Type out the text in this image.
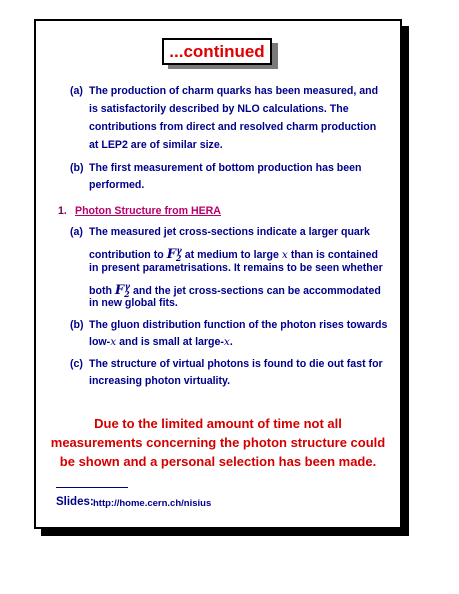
...continued
(a) The production of charm quarks has been measured, and
is satisfactorily described by NLO calculations. The
contributions from direct and resolved charm production
at LEP2 are of similar size.
(b) The first measurement of bottom production has been
performed.
1. Photon Structure from HERA
(a) The measured jet cross-sections indicate a larger quark
contribution to $F_2^\gamma$ at medium to large x than is contained
in present parametrisations. It remains to be seen whether
both $F_2^\gamma$ and the jet cross-sections can be accommodated
in new global fits.
(b) The gluon distribution function of the photon rises towards
low-x and is small at large-x.
(c) The structure of virtual photons is found to die out fast for
increasing photon virtuality.
Due to the limited amount of time not all
measurements concerning the photon structure could
be shown and a personal selection has been made.
Slides: http://home.cern.ch/nisius
